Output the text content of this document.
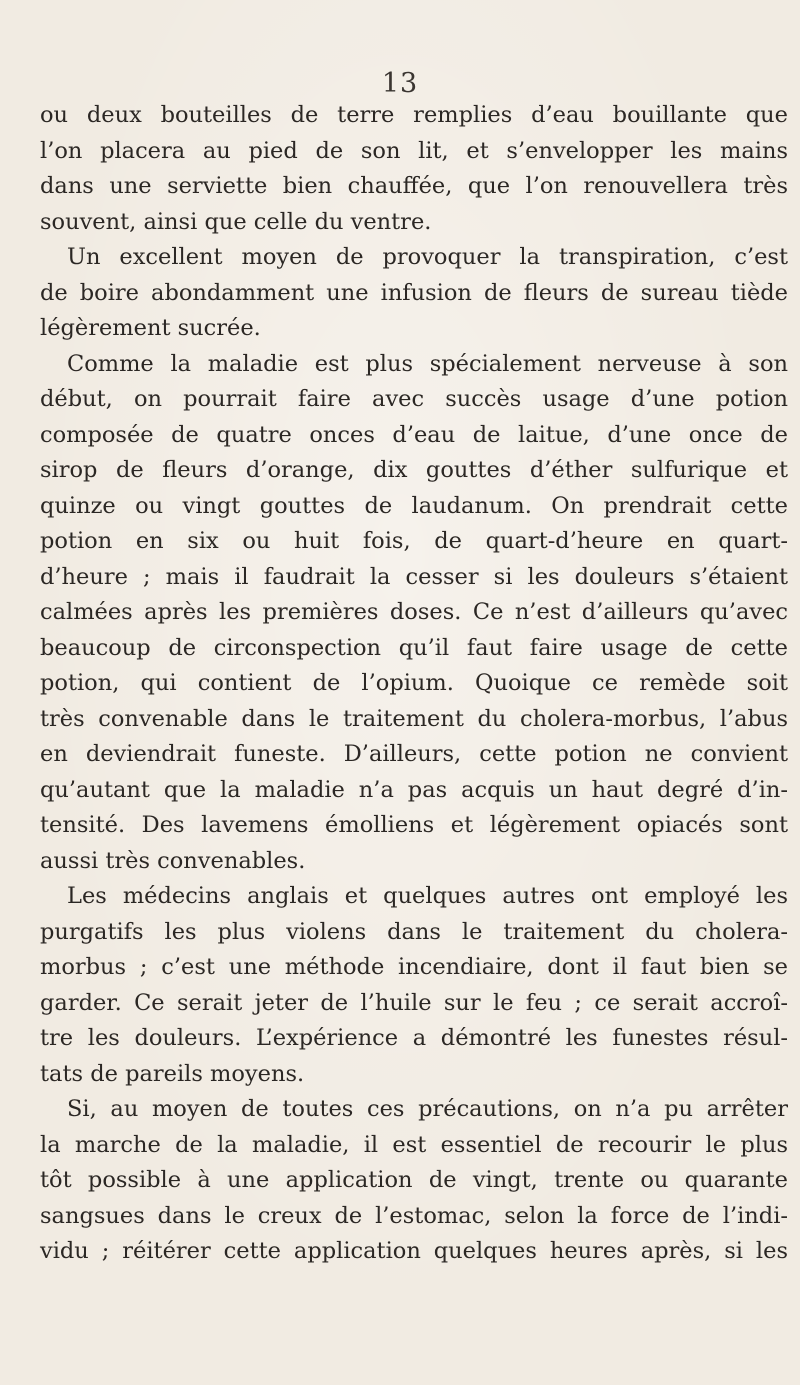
13
ou deux bouteilles de terre remplies d’eau bouillante que
l’on placera au pied de son lit, et s’envelopper les mains
dans une serviette bien chauffée, que l’on renouvellera très
souvent, ainsi que celle du ventre.
Un excellent moyen de provoquer la transpiration, c’est
de boire abondamment une infusion de fleurs de sureau tiède
légèrement sucrée.
Comme la maladie est plus spécialement nerveuse à son
début, on pourrait faire avec succès usage d’une potion
composée de quatre onces d’eau de laitue, d’une once de
sirop de fleurs d’orange, dix gouttes d’éther sulfurique et
quinze ou vingt gouttes de laudanum. On prendrait cette
potion en six ou huit fois, de quart-d’heure en quart-
d’heure ; mais il faudrait la cesser si les douleurs s’étaient
calmées après les premières doses. Ce n’est d’ailleurs qu’avec
beaucoup de circonspection qu’il faut faire usage de cette
potion, qui contient de l’opium. Quoique ce remède soit
très convenable dans le traitement du cholera-morbus, l’abus
en deviendrait funeste. D’ailleurs, cette potion ne convient
qu’autant que la maladie n’a pas acquis un haut degré d’in-
tensité. Des lavemens émolliens et légèrement opiacés sont
aussi très convenables.
Les médecins anglais et quelques autres ont employé les
purgatifs les plus violens dans le traitement du cholera-
morbus ; c’est une méthode incendiaire, dont il faut bien se
garder. Ce serait jeter de l’huile sur le feu ; ce serait accroî-
tre les douleurs. L’expérience a démontré les funestes résul-
tats de pareils moyens.
Si, au moyen de toutes ces précautions, on n’a pu arrêter
la marche de la maladie, il est essentiel de recourir le plus
tôt possible à une application de vingt, trente ou quarante
sangsues dans le creux de l’estomac, selon la force de l’indi-
vidu ; réitérer cette application quelques heures après, si les
